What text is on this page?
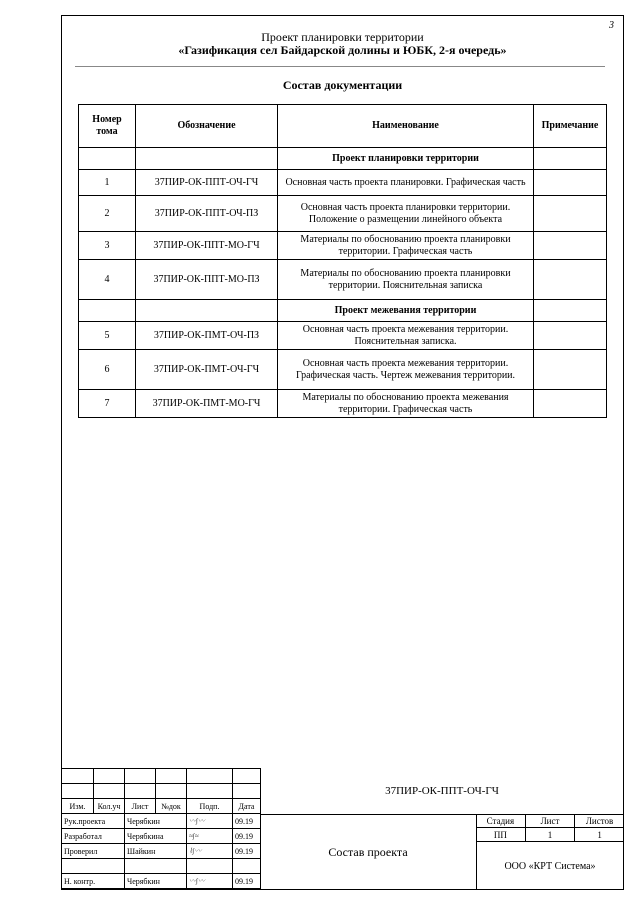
3
Проект планировки территории
«Газификация сел Байдарской долины и ЮБК, 2-я очередь»
Состав документации
Номер тома	Обозначение	Наименование	Примечание
		Проект планировки территории	
1	37ПИР-ОК-ППТ-ОЧ-ГЧ	Основная часть проекта планировки. Графическая часть	
2	37ПИР-ОК-ППТ-ОЧ-ПЗ	Основная часть проекта планировки территории. Положение о размещении линейного объекта	
3	37ПИР-ОК-ППТ-МО-ГЧ	Материалы по обоснованию проекта планировки территории. Графическая часть	
4	37ПИР-ОК-ППТ-МО-ПЗ	Материалы по обоснованию проекта планировки территории. Пояснительная записка	
		Проект межевания территории	
5	37ПИР-ОК-ПМТ-ОЧ-ПЗ	Основная часть проекта межевания территории. Пояснительная записка.	
6	37ПИР-ОК-ПМТ-ОЧ-ГЧ	Основная часть проекта межевания территории. Графическая часть. Чертеж межевания территории.	
7	37ПИР-ОК-ПМТ-МО-ГЧ	Материалы по обоснованию проекта межевания территории. Графическая часть	

Изм.	Кол.уч	Лист	№док	Подп.	Дата
Рук.проекта		Черябкин		〰∫〰	09.19
Разработал		Черябкина		≈∫≈	09.19
Проверил		Шайкин		⌇∫〰	09.19

Н. контр.		Черябкин		〰∫〰	09.19
37ПИР-ОК-ППТ-ОЧ-ГЧ
Состав проекта
Стадия	Лист	Листов
ПП	1	1
ООО «КРТ Система»
